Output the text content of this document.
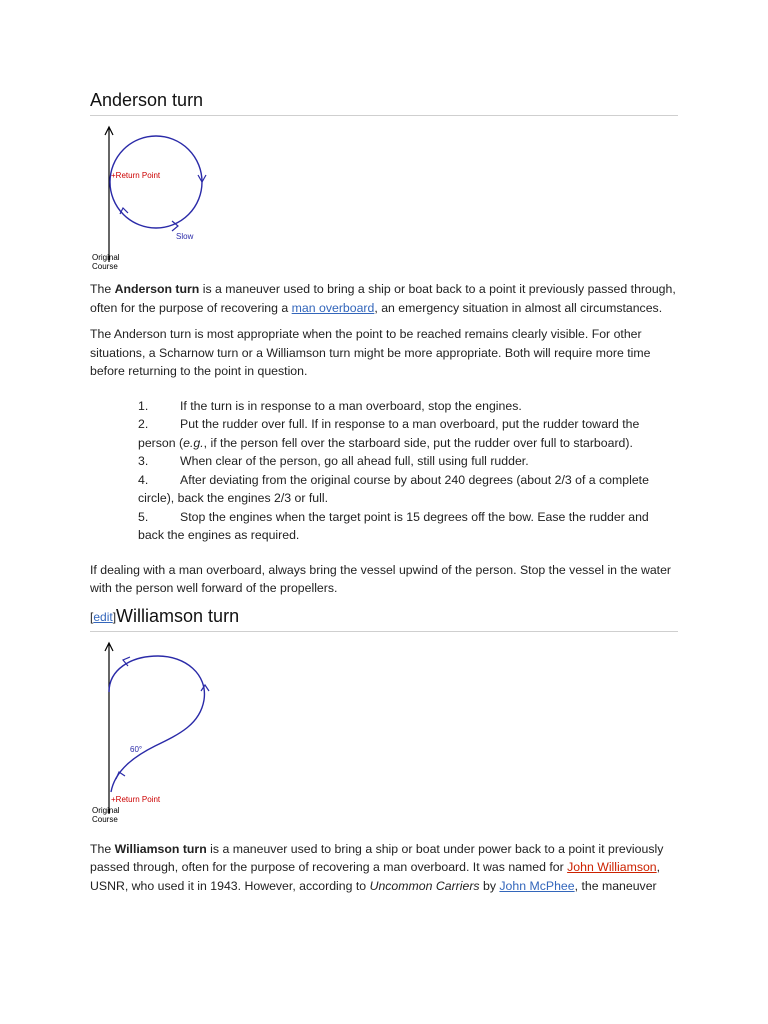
Anderson turn
+Return Point
Slow
Original
Course

The Anderson turn is a maneuver used to bring a ship or boat back to a point it previously passed through, often for the purpose of recovering a man overboard, an emergency situation in almost all circumstances.

The Anderson turn is most appropriate when the point to be reached remains clearly visible. For other situations, a Scharnow turn or a Williamson turn might be more appropriate. Both will require more time before returning to the point in question.

1.	If the turn is in response to a man overboard, stop the engines.
2.	Put the rudder over full. If in response to a man overboard, put the rudder toward the person (e.g., if the person fell over the starboard side, put the rudder over full to starboard).
3.	When clear of the person, go all ahead full, still using full rudder.
4.	After deviating from the original course by about 240 degrees (about 2/3 of a complete circle), back the engines 2/3 or full.
5.	Stop the engines when the target point is 15 degrees off the bow. Ease the rudder and back the engines as required.

If dealing with a man overboard, always bring the vessel upwind of the person. Stop the vessel in the water with the person well forward of the propellers.

[edit]Williamson turn
60°
+Return Point
Original
Course

The Williamson turn is a maneuver used to bring a ship or boat under power back to a point it previously passed through, often for the purpose of recovering a man overboard. It was named for John Williamson, USNR, who used it in 1943. However, according to Uncommon Carriers by John McPhee, the maneuver
